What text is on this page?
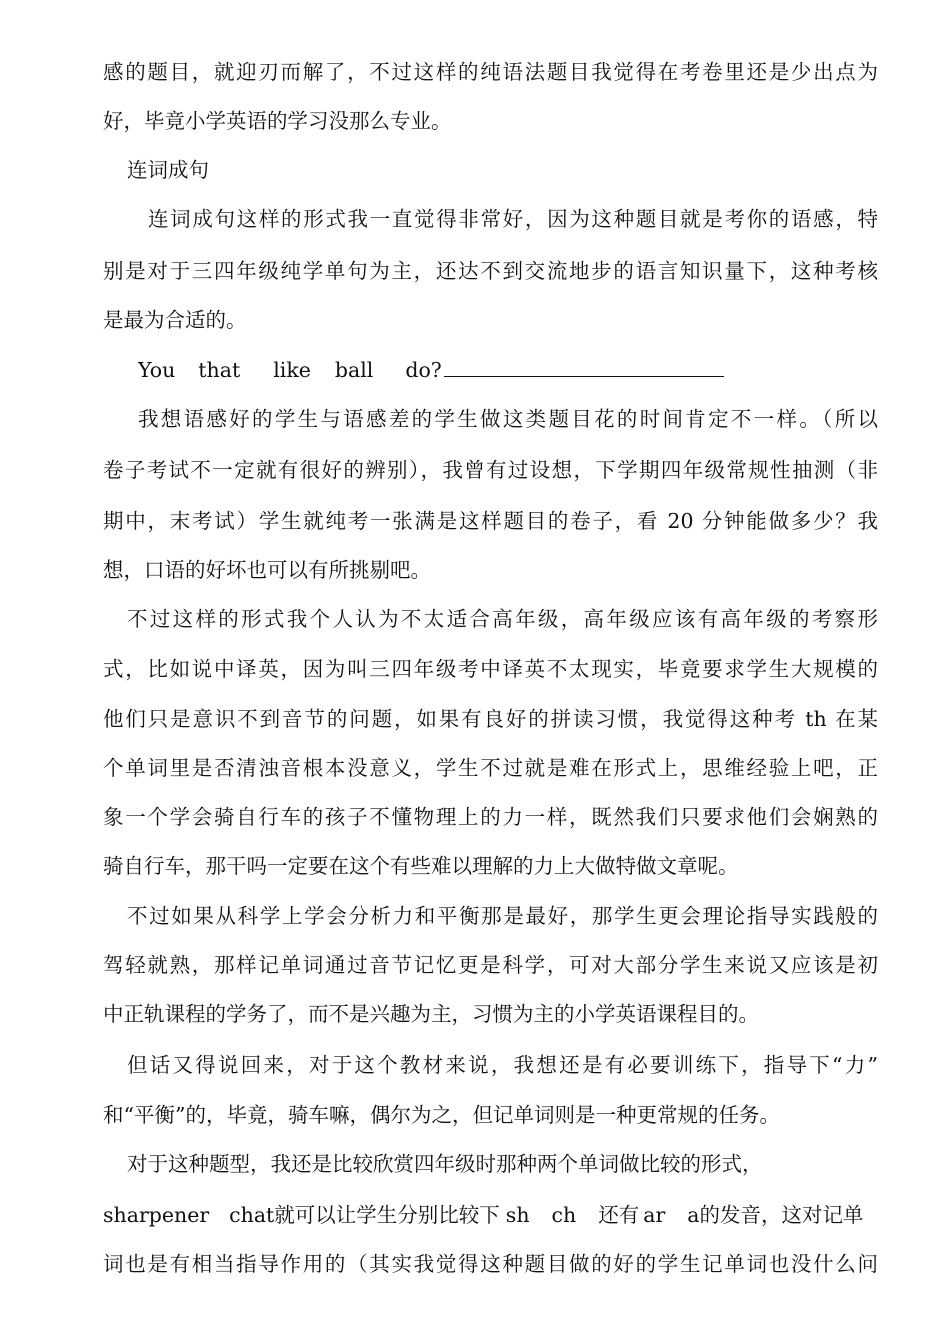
感的题目，就迎刃而解了，不过这样的纯语法题目我觉得在考卷里还是少出点为
好，毕竟小学英语的学习没那么专业。
连词成句
连词成句这样的形式我一直觉得非常好，因为这种题目就是考你的语感，特
别是对于三四年级纯学单句为主，还达不到交流地步的语言知识量下，这种考核
是最为合适的。
You that like ball do?
我想语感好的学生与语感差的学生做这类题目花的时间肯定不一样。（所以
卷子考试不一定就有很好的辨别），我曾有过设想，下学期四年级常规性抽测（非
期中，末考试）学生就纯考一张满是这样题目的卷子，看 20 分钟能做多少？我
想，口语的好坏也可以有所挑剔吧。
不过这样的形式我个人认为不太适合高年级，高年级应该有高年级的考察形
式，比如说中译英，因为叫三四年级考中译英不太现实，毕竟要求学生大规模的
他们只是意识不到音节的问题，如果有良好的拼读习惯，我觉得这种考 th 在某
个单词里是否清浊音根本没意义，学生不过就是难在形式上，思维经验上吧，正
象一个学会骑自行车的孩子不懂物理上的力一样，既然我们只要求他们会娴熟的
骑自行车，那干吗一定要在这个有些难以理解的力上大做特做文章呢。
不过如果从科学上学会分析力和平衡那是最好，那学生更会理论指导实践般的
驾轻就熟，那样记单词通过音节记忆更是科学，可对大部分学生来说又应该是初
中正轨课程的学务了，而不是兴趣为主，习惯为主的小学英语课程目的。
但话又得说回来，对于这个教材来说，我想还是有必要训练下，指导下“力”
和“平衡”的，毕竟，骑车嘛，偶尔为之，但记单词则是一种更常规的任务。
对于这种题型，我还是比较欣赏四年级时那种两个单词做比较的形式，
sharpener chat就可以让学生分别比较下 sh ch 还有 ar a的发音，这对记单
词也是有相当指导作用的（其实我觉得这种题目做的好的学生记单词也没什么问
